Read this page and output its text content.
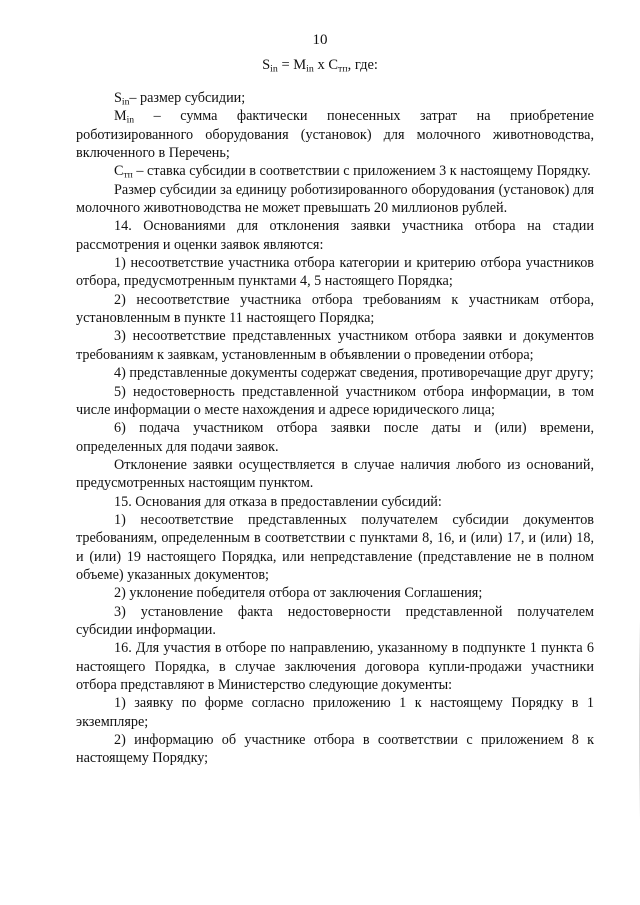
10
$S_{in} = M_{in}$ x $C_{тп}$, где:

$S_{in}-$ размер субсидии;

$M_{in}$ – сумма фактически понесенных затрат на приобретение роботизированного оборудования (установок) для молочного животноводства, включенного в Перечень;

$C_{тп}$ – ставка субсидии в соответствии с приложением 3 к настоящему Порядку.

Размер субсидии за единицу роботизированного оборудования (установок) для молочного животноводства не может превышать 20 миллионов рублей.

14. Основаниями для отклонения заявки участника отбора на стадии рассмотрения и оценки заявок являются:

1) несоответствие участника отбора категории и критерию отбора участников отбора, предусмотренным пунктами 4, 5 настоящего Порядка;

2) несоответствие участника отбора требованиям к участникам отбора, установленным в пункте 11 настоящего Порядка;

3) несоответствие представленных участником отбора заявки и документов требованиям к заявкам, установленным в объявлении о проведении отбора;

4) представленные документы содержат сведения, противоречащие друг другу;

5) недостоверность представленной участником отбора информации, в том числе информации о месте нахождения и адресе юридического лица;

6) подача участником отбора заявки после даты и (или) времени, определенных для подачи заявок.

Отклонение заявки осуществляется в случае наличия любого из оснований, предусмотренных настоящим пунктом.

15. Основания для отказа в предоставлении субсидий:

1) несоответствие представленных получателем субсидии документов требованиям, определенным в соответствии с пунктами 8, 16, и (или) 17, и (или) 18, и (или) 19 настоящего Порядка, или непредставление (представление не в полном объеме) указанных документов;

2) уклонение победителя отбора от заключения Соглашения;

3) установление факта недостоверности представленной получателем субсидии информации.

16. Для участия в отборе по направлению, указанному в подпункте 1 пункта 6 настоящего Порядка, в случае заключения договора купли-продажи участники отбора представляют в Министерство следующие документы:

1) заявку по форме согласно приложению 1 к настоящему Порядку в 1 экземпляре;

2) информацию об участнике отбора в соответствии с приложением 8 к настоящему Порядку;
